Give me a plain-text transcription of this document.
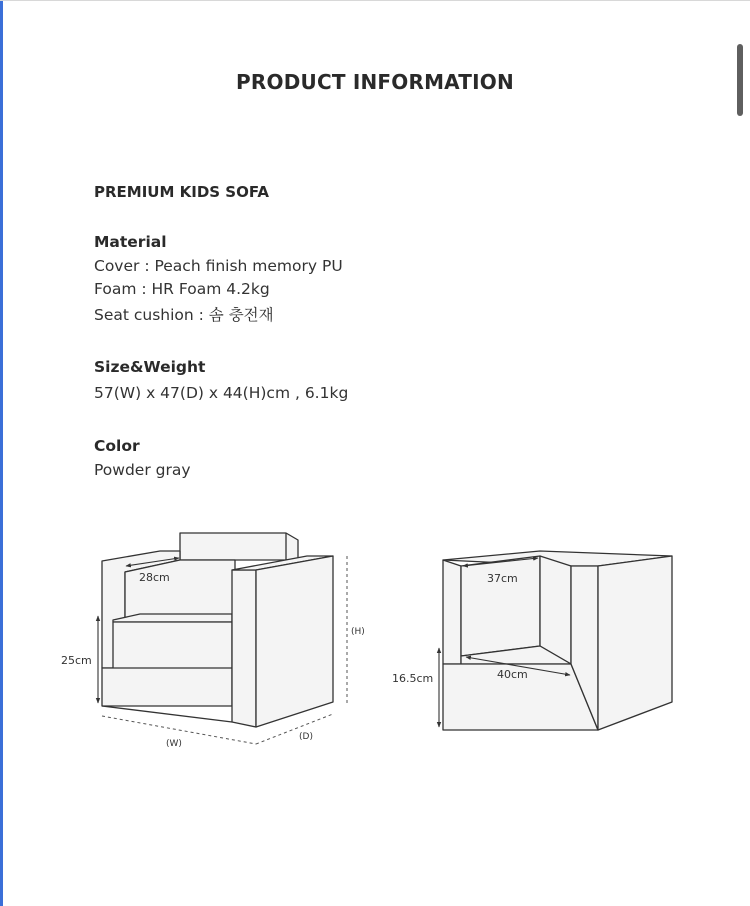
PRODUCT INFORMATION
PREMIUM KIDS SOFA
Material
Cover : Peach finish memory PU
Foam : HR Foam 4.2kg
Seat cushion : 솜 충전재
Size&Weight
57(W) x 47(D) x 44(H)cm , 6.1kg
Color
Powder gray
28cm
25cm
(H)
(W)
(D)
37cm
40cm
16.5cm
